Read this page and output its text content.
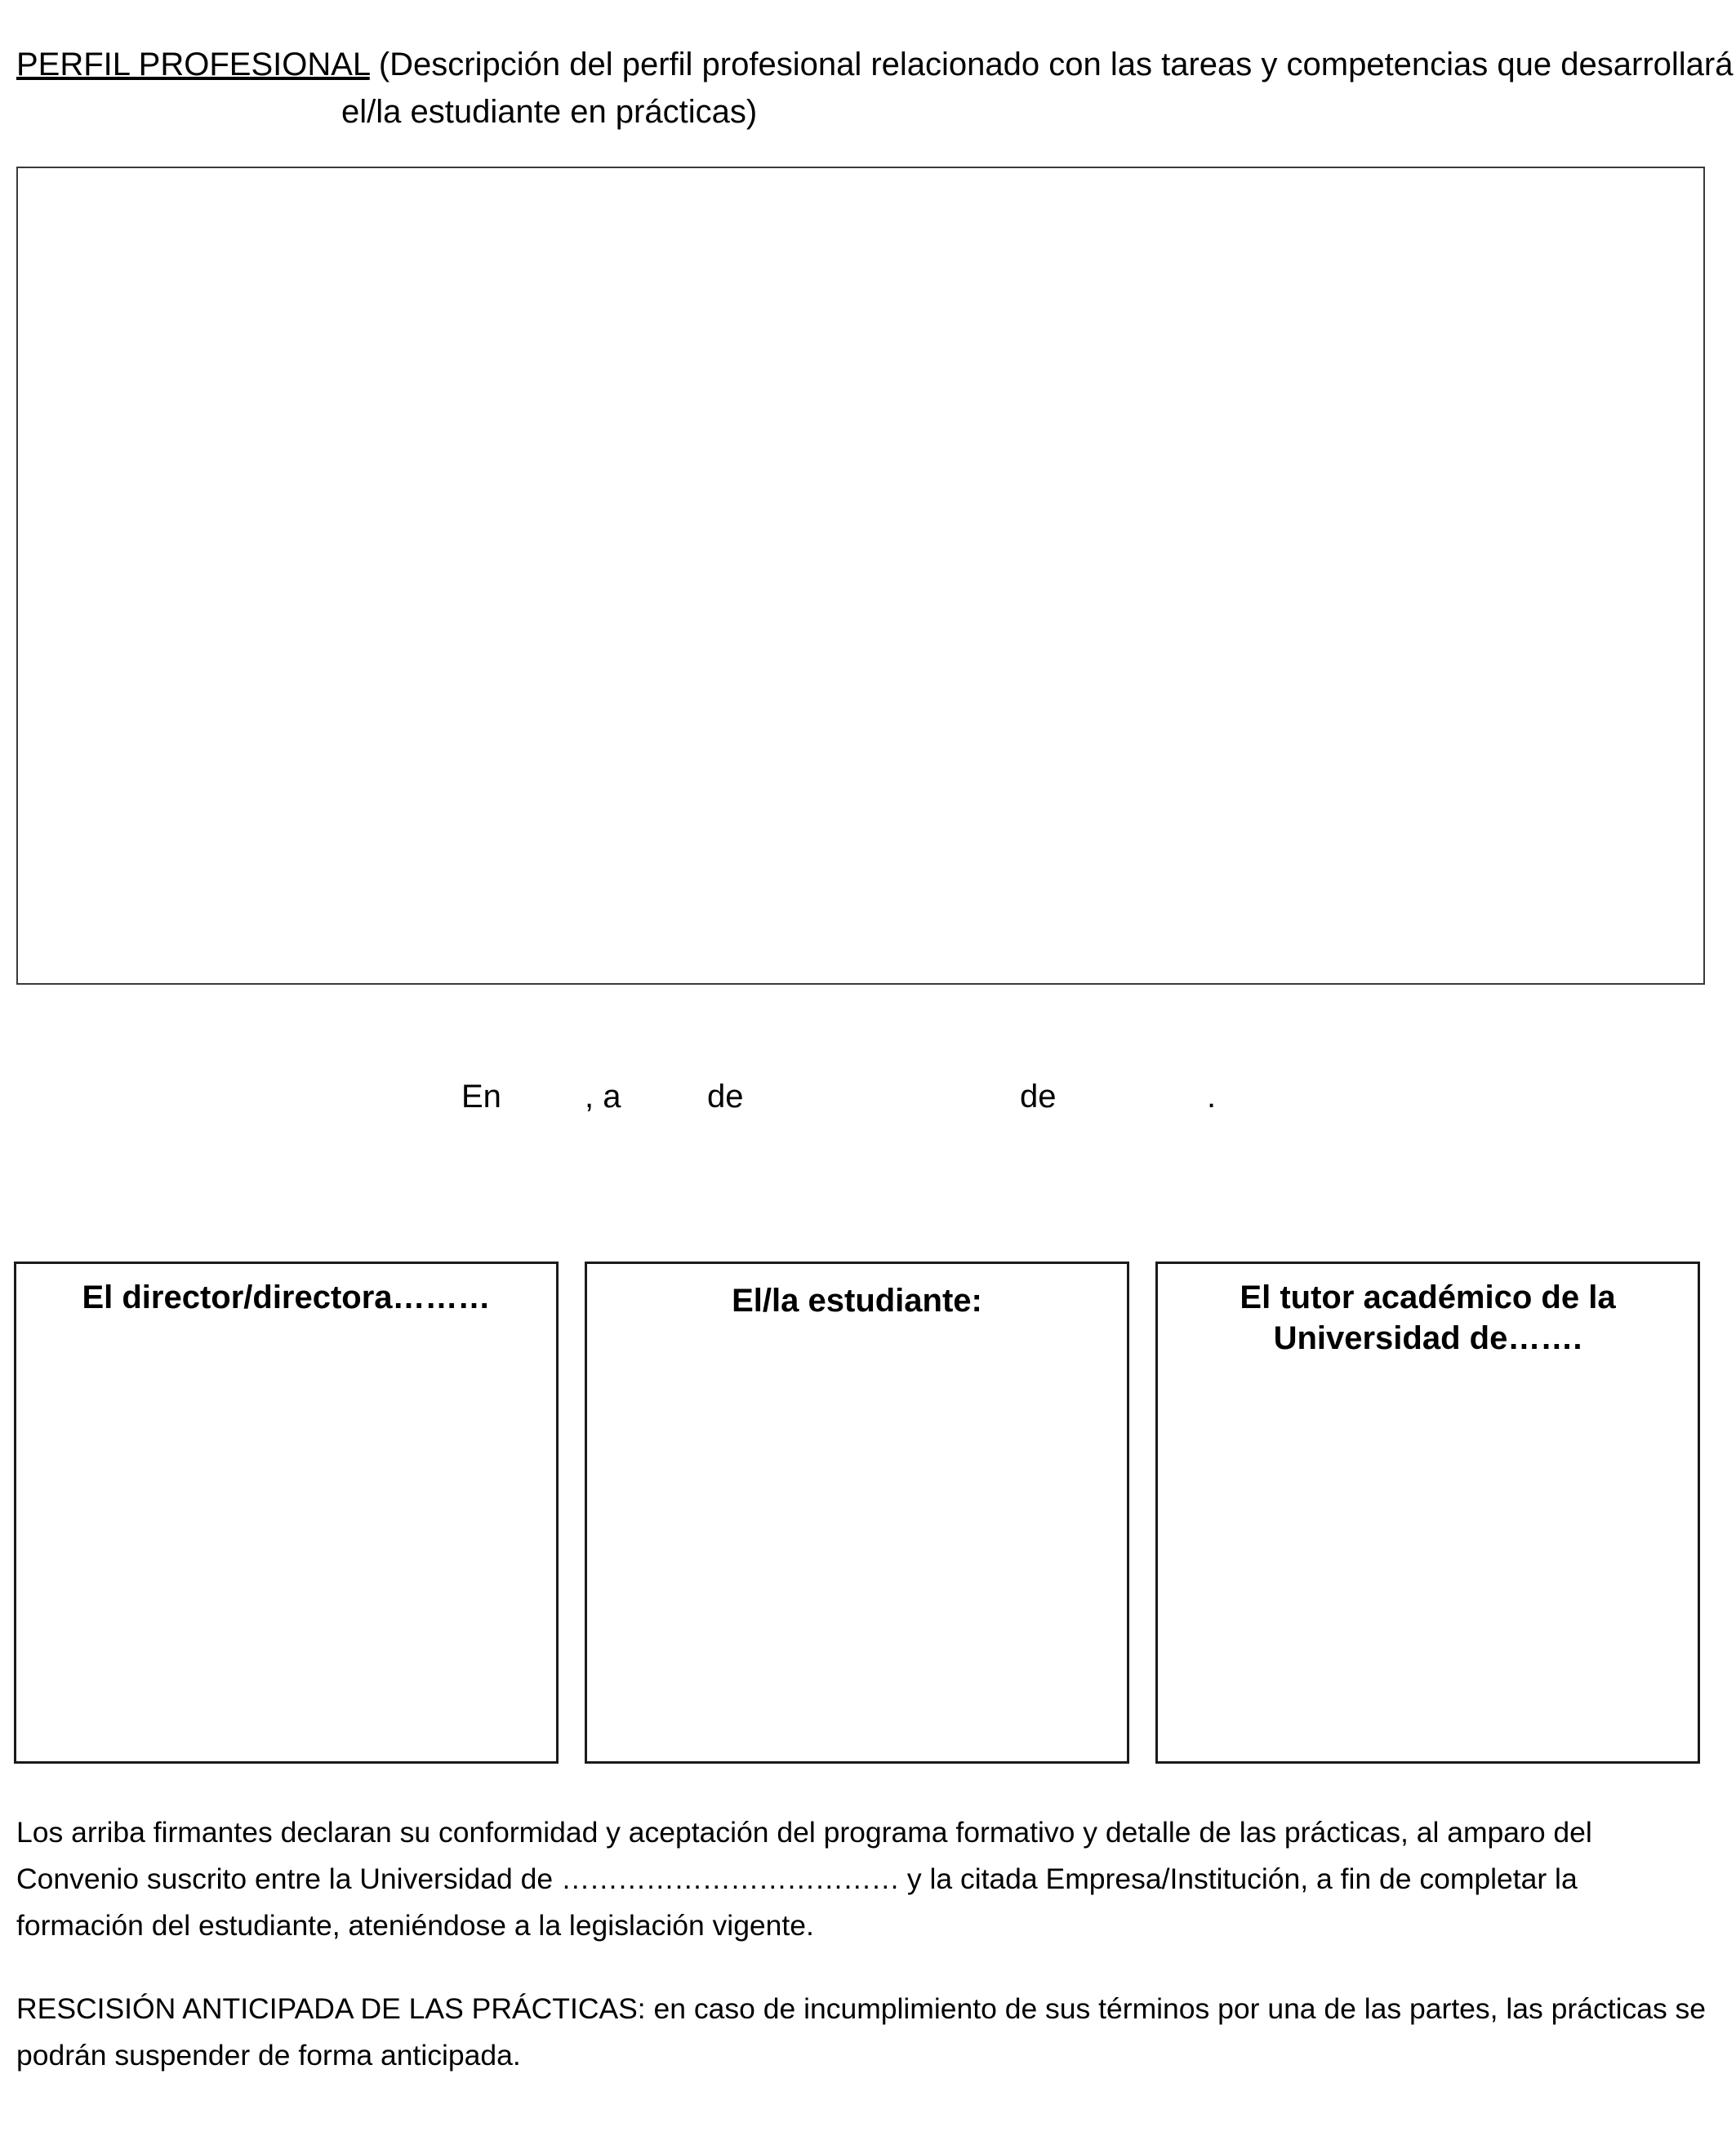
PERFIL PROFESIONAL (Descripción del perfil profesional relacionado con las tareas y competencias que desarrollará
el/la estudiante en prácticas)
En	, a	de	de	.
El director/directora………	El/la estudiante:	El tutor académico de la
Universidad de…….
Los arriba firmantes declaran su conformidad y aceptación del programa formativo y detalle de las prácticas, al amparo del Convenio suscrito entre la Universidad de ……………………………… y la citada Empresa/Institución, a fin de completar la formación del estudiante, ateniéndose a la legislación vigente.
RESCISIÓN ANTICIPADA DE LAS PRÁCTICAS: en caso de incumplimiento de sus términos por una de las partes, las prácticas se podrán suspender de forma anticipada.
